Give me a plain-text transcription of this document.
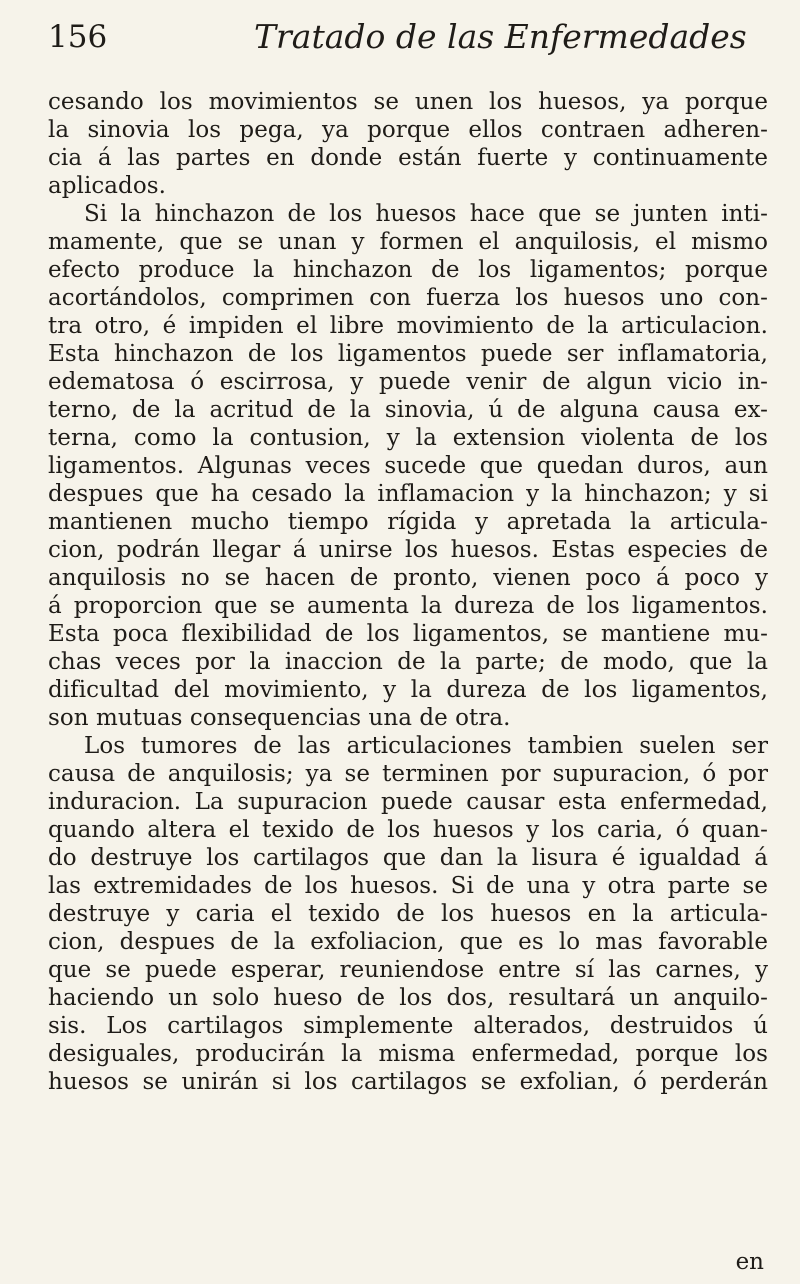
156	Tratado de las Enfermedades
cesando los movimientos se unen los huesos, ya porque
la sinovia los pega, ya porque ellos contraen adheren-
cia á las partes en donde están fuerte y continuamente
aplicados.
Si la hinchazon de los huesos hace que se junten inti-
mamente, que se unan y formen el anquilosis, el mismo
efecto produce la hinchazon de los ligamentos; porque
acortándolos, comprimen con fuerza los huesos uno con-
tra otro, é impiden el libre movimiento de la articulacion.
Esta hinchazon de los ligamentos puede ser inflamatoria,
edematosa ó escirrosa, y puede venir de algun vicio in-
terno, de la acritud de la sinovia, ú de alguna causa ex-
terna, como la contusion, y la extension violenta de los
ligamentos. Algunas veces sucede que quedan duros, aun
despues que ha cesado la inflamacion y la hinchazon; y si
mantienen mucho tiempo rígida y apretada la articula-
cion, podrán llegar á unirse los huesos. Estas especies de
anquilosis no se hacen de pronto, vienen poco á poco y
á proporcion que se aumenta la dureza de los ligamentos.
Esta poca flexibilidad de los ligamentos, se mantiene mu-
chas veces por la inaccion de la parte; de modo, que la
dificultad del movimiento, y la dureza de los ligamentos,
son mutuas consequencias una de otra.
Los tumores de las articulaciones tambien suelen ser
causa de anquilosis; ya se terminen por supuracion, ó por
induracion. La supuracion puede causar esta enfermedad,
quando altera el texido de los huesos y los caria, ó quan-
do destruye los cartilagos que dan la lisura é igualdad á
las extremidades de los huesos. Si de una y otra parte se
destruye y caria el texido de los huesos en la articula-
cion, despues de la exfoliacion, que es lo mas favorable
que se puede esperar, reuniendose entre sí las carnes, y
haciendo un solo hueso de los dos, resultará un anquilo-
sis. Los cartilagos simplemente alterados, destruidos ú
desiguales, producirán la misma enfermedad, porque los
huesos se unirán si los cartilagos se exfolian, ó perderán
en
